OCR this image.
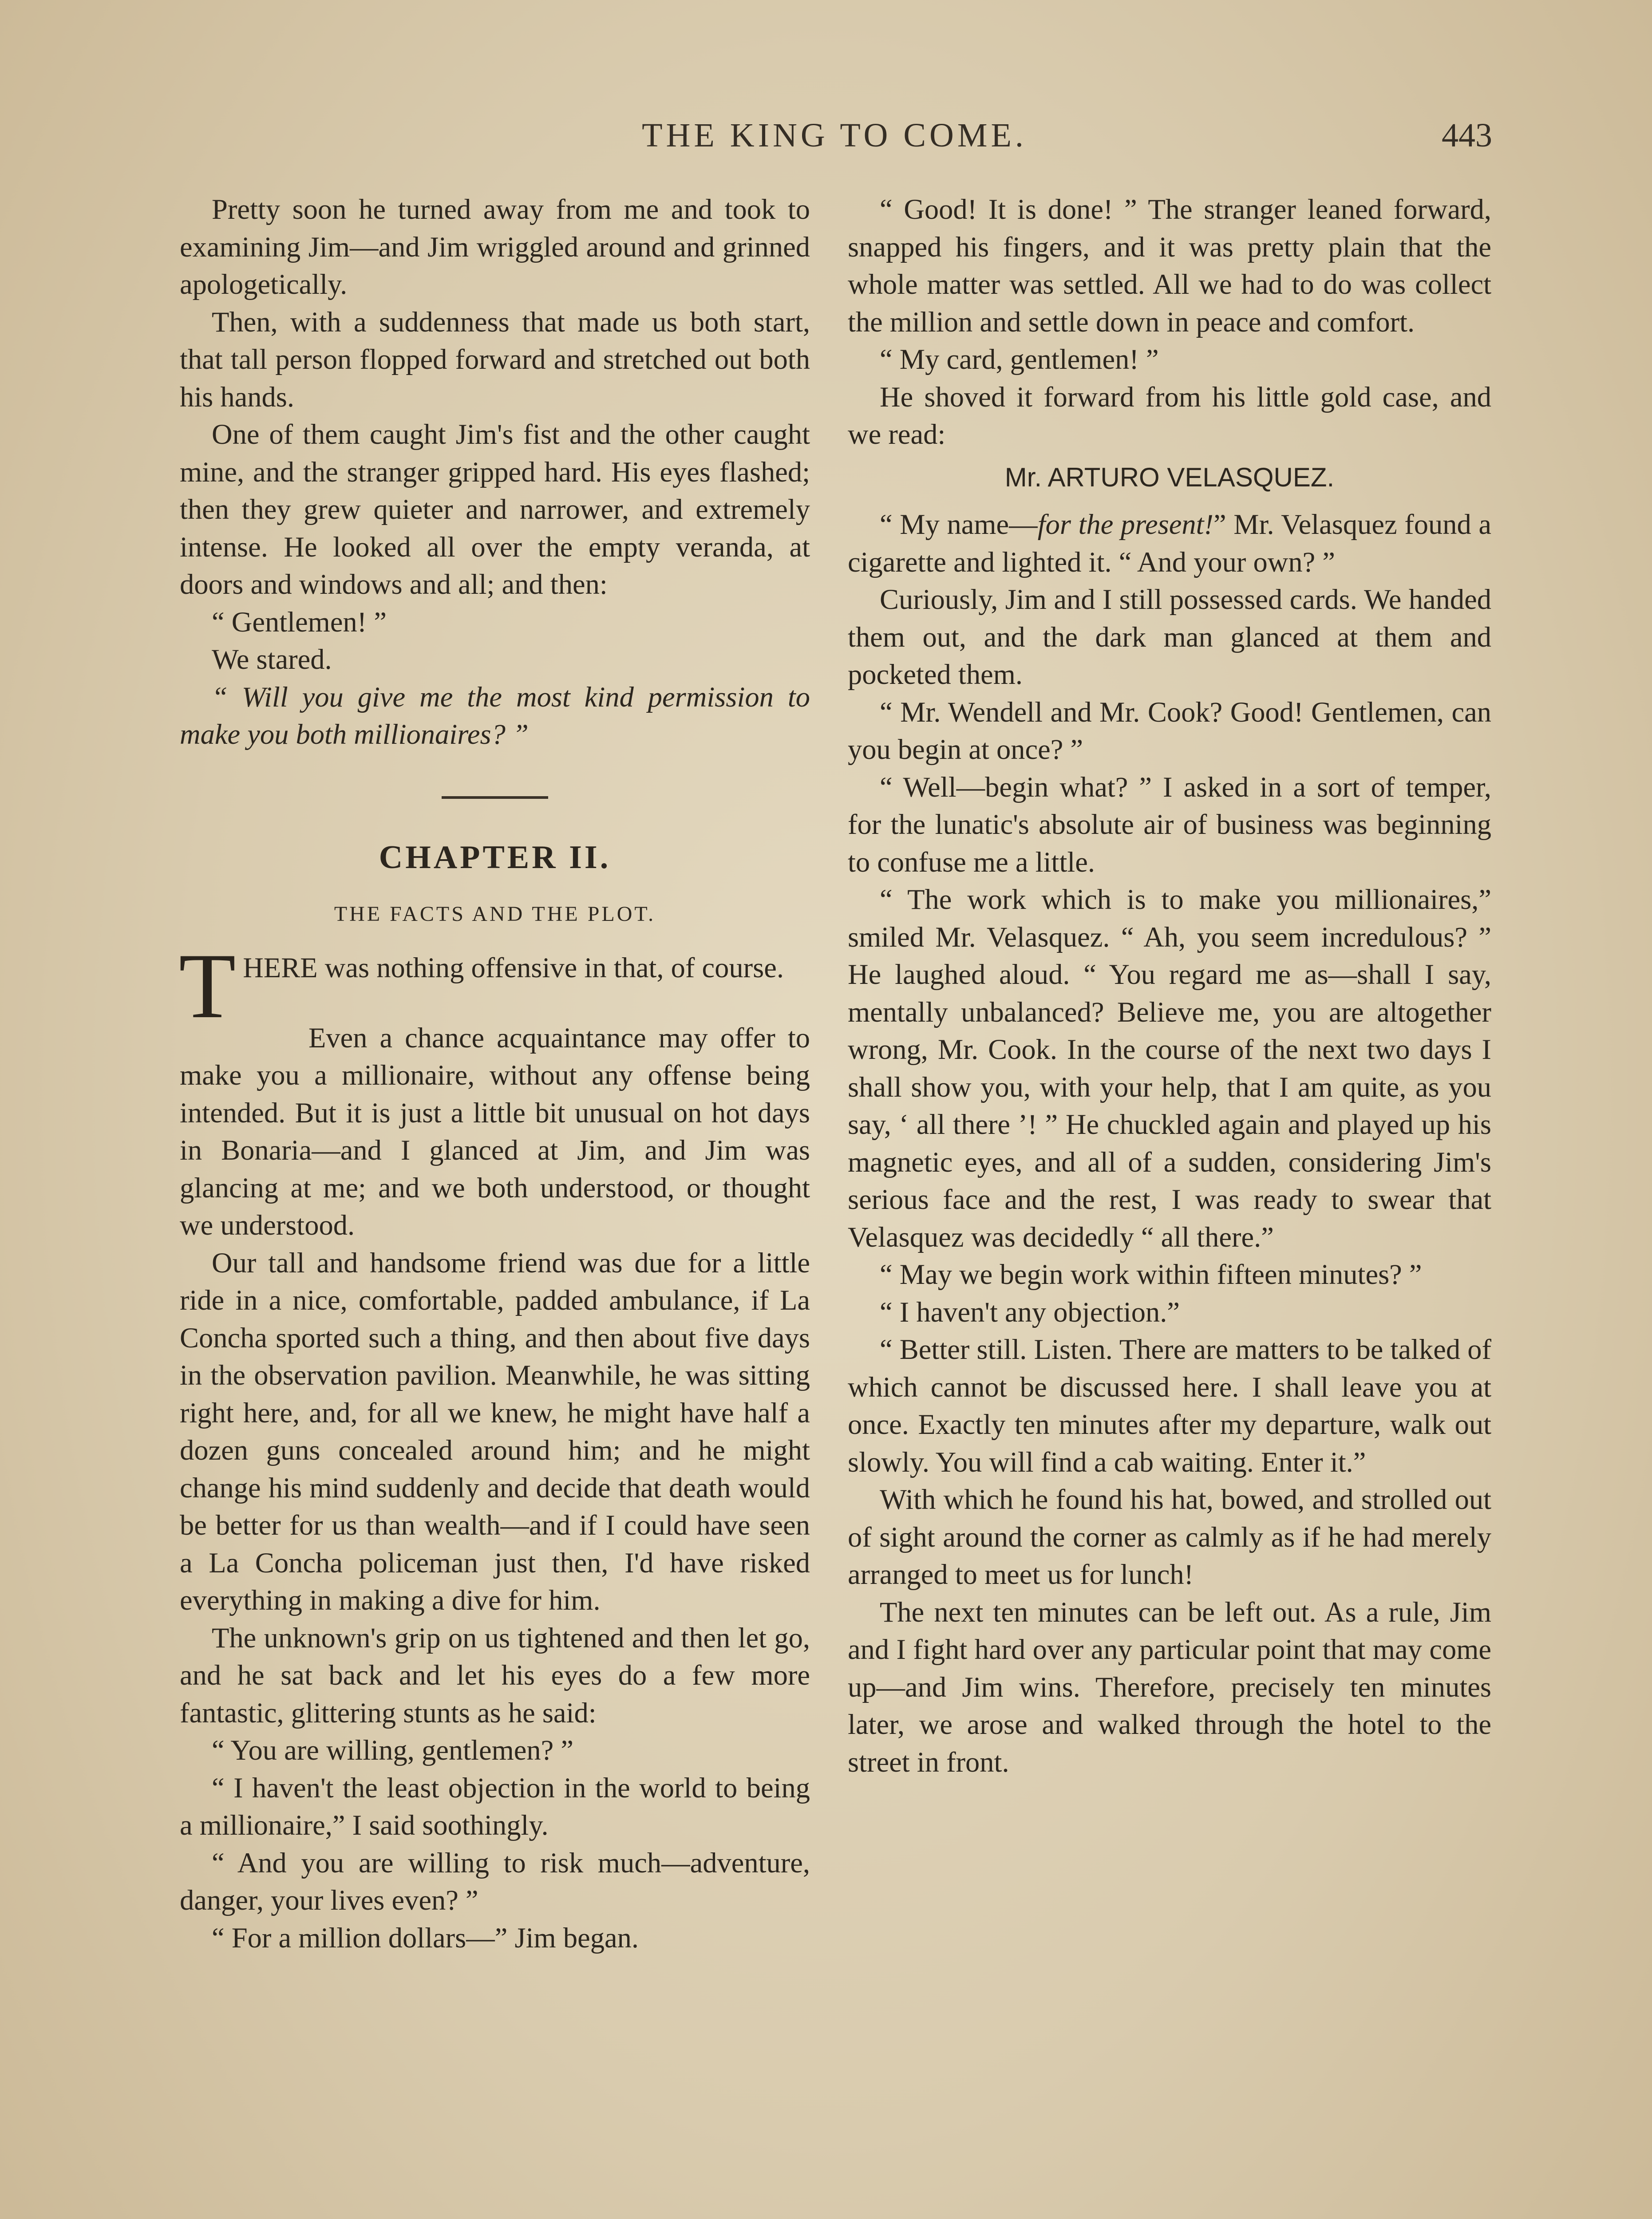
THE KING TO COME.	443

Pretty soon he turned away from me and took to examining Jim—and Jim wriggled around and grinned apologetically.

Then, with a suddenness that made us both start, that tall person flopped forward and stretched out both his hands.

One of them caught Jim's fist and the other caught mine, and the stranger gripped hard. His eyes flashed; then they grew quieter and narrower, and extremely intense. He looked all over the empty veranda, at doors and windows and all; and then:

“ Gentlemen! ”

We stared.

“ Will you give me the most kind permission to make you both millionaires? ”

CHAPTER II.
THE FACTS AND THE PLOT.

THERE was nothing offensive in that, of course.

Even a chance acquaintance may offer to make you a millionaire, without any offense being intended. But it is just a little bit unusual on hot days in Bonaria—and I glanced at Jim, and Jim was glancing at me; and we both understood, or thought we understood.

Our tall and handsome friend was due for a little ride in a nice, comfortable, padded ambulance, if La Concha sported such a thing, and then about five days in the observation pavilion. Meanwhile, he was sitting right here, and, for all we knew, he might have half a dozen guns concealed around him; and he might change his mind suddenly and decide that death would be better for us than wealth—and if I could have seen a La Concha policeman just then, I'd have risked everything in making a dive for him.

The unknown's grip on us tightened and then let go, and he sat back and let his eyes do a few more fantastic, glittering stunts as he said:

“ You are willing, gentlemen? ”

“ I haven't the least objection in the world to being a millionaire,” I said soothingly.

“ And you are willing to risk much—adventure, danger, your lives even? ”

“ For a million dollars—” Jim began.

“ Good! It is done! ” The stranger leaned forward, snapped his fingers, and it was pretty plain that the whole matter was settled. All we had to do was collect the million and settle down in peace and comfort.

“ My card, gentlemen! ”

He shoved it forward from his little gold case, and we read:

Mr. ARTURO VELASQUEZ.

“ My name—for the present!” Mr. Velasquez found a cigarette and lighted it. “ And your own? ”

Curiously, Jim and I still possessed cards. We handed them out, and the dark man glanced at them and pocketed them.

“ Mr. Wendell and Mr. Cook? Good! Gentlemen, can you begin at once? ”

“ Well—begin what? ” I asked in a sort of temper, for the lunatic's absolute air of business was beginning to confuse me a little.

“ The work which is to make you millionaires,” smiled Mr. Velasquez. “ Ah, you seem incredulous? ” He laughed aloud. “ You regard me as—shall I say, mentally unbalanced? Believe me, you are altogether wrong, Mr. Cook. In the course of the next two days I shall show you, with your help, that I am quite, as you say, ‘ all there ’! ” He chuckled again and played up his magnetic eyes, and all of a sudden, considering Jim's serious face and the rest, I was ready to swear that Velasquez was decidedly “ all there.”

“ May we begin work within fifteen minutes? ”

“ I haven't any objection.”

“ Better still. Listen. There are matters to be talked of which cannot be discussed here. I shall leave you at once. Exactly ten minutes after my departure, walk out slowly. You will find a cab waiting. Enter it.”

With which he found his hat, bowed, and strolled out of sight around the corner as calmly as if he had merely arranged to meet us for lunch!

The next ten minutes can be left out. As a rule, Jim and I fight hard over any particular point that may come up—and Jim wins. Therefore, precisely ten minutes later, we arose and walked through the hotel to the street in front.
